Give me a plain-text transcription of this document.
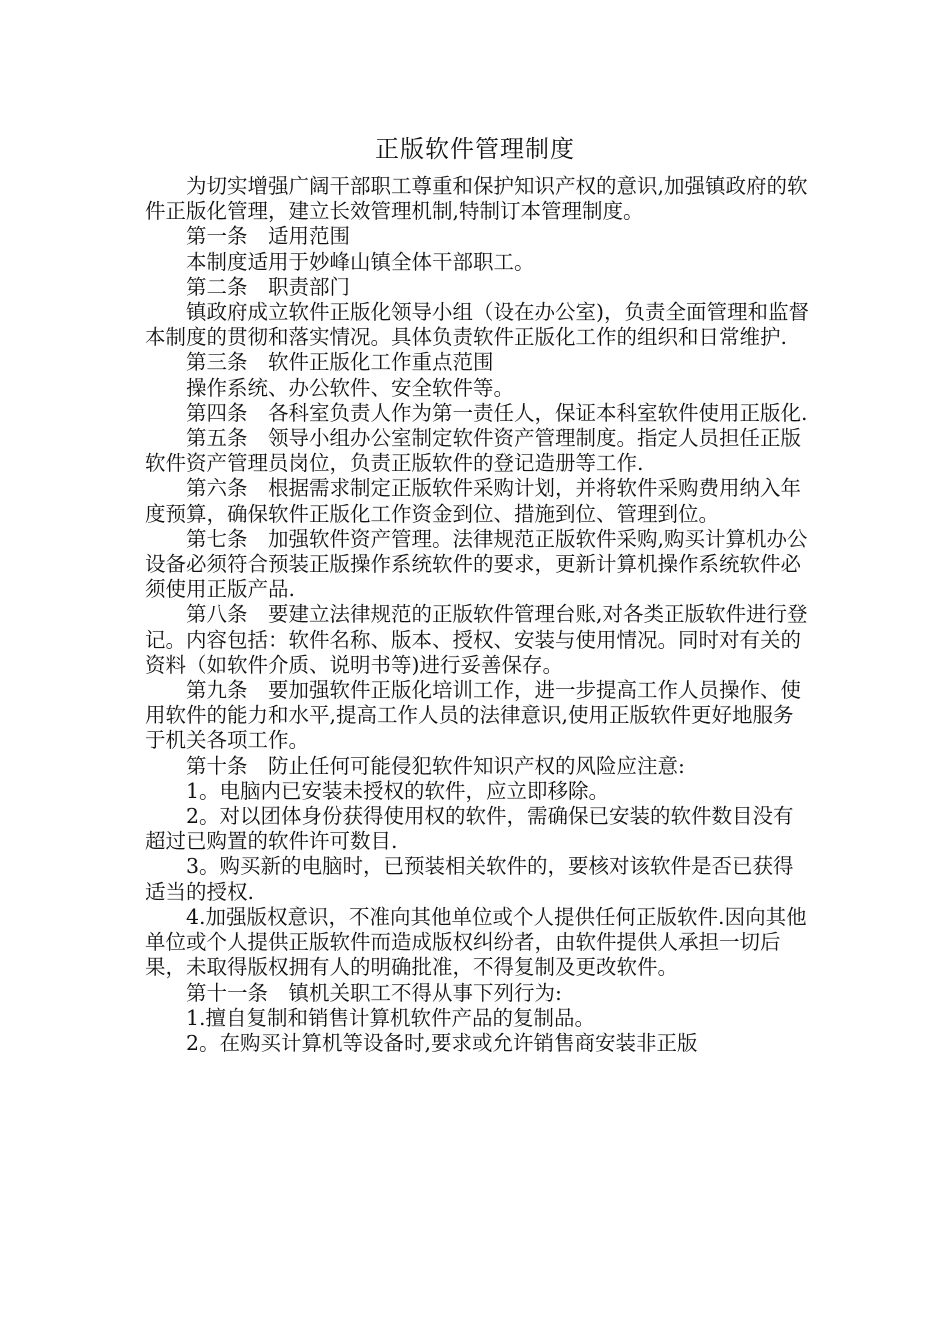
正版软件管理制度

为切实增强广阔干部职工尊重和保护知识产权的意识,加强镇政府的软件正版化管理，建立长效管理机制,特制订本管理制度。

第一条　适用范围

本制度适用于妙峰山镇全体干部职工。

第二条　职责部门

镇政府成立软件正版化领导小组（设在办公室)，负责全面管理和监督本制度的贯彻和落实情况。具体负责软件正版化工作的组织和日常维护.

第三条　软件正版化工作重点范围

操作系统、办公软件、安全软件等。

第四条　各科室负责人作为第一责任人，保证本科室软件使用正版化.

第五条　领导小组办公室制定软件资产管理制度。指定人员担任正版软件资产管理员岗位，负责正版软件的登记造册等工作.

第六条　根据需求制定正版软件采购计划，并将软件采购费用纳入年度预算，确保软件正版化工作资金到位、措施到位、管理到位。

第七条　加强软件资产管理。法律规范正版软件采购,购买计算机办公设备必须符合预装正版操作系统软件的要求，更新计算机操作系统软件必须使用正版产品.

第八条　要建立法律规范的正版软件管理台账,对各类正版软件进行登记。内容包括：软件名称、版本、授权、安装与使用情况。同时对有关的资料（如软件介质、说明书等)进行妥善保存。

第九条　要加强软件正版化培训工作，进一步提高工作人员操作、使用软件的能力和水平,提高工作人员的法律意识,使用正版软件更好地服务于机关各项工作。

第十条　防止任何可能侵犯软件知识产权的风险应注意:

1。电脑内已安装未授权的软件，应立即移除。

2。对以团体身份获得使用权的软件，需确保已安装的软件数目没有超过已购置的软件许可数目.

3。购买新的电脑时，已预装相关软件的，要核对该软件是否已获得适当的授权.

4.加强版权意识，不准向其他单位或个人提供任何正版软件.因向其他单位或个人提供正版软件而造成版权纠纷者，由软件提供人承担一切后果，未取得版权拥有人的明确批准，不得复制及更改软件。

第十一条　镇机关职工不得从事下列行为:

1.擅自复制和销售计算机软件产品的复制品。

2。在购买计算机等设备时,要求或允许销售商安装非正版
